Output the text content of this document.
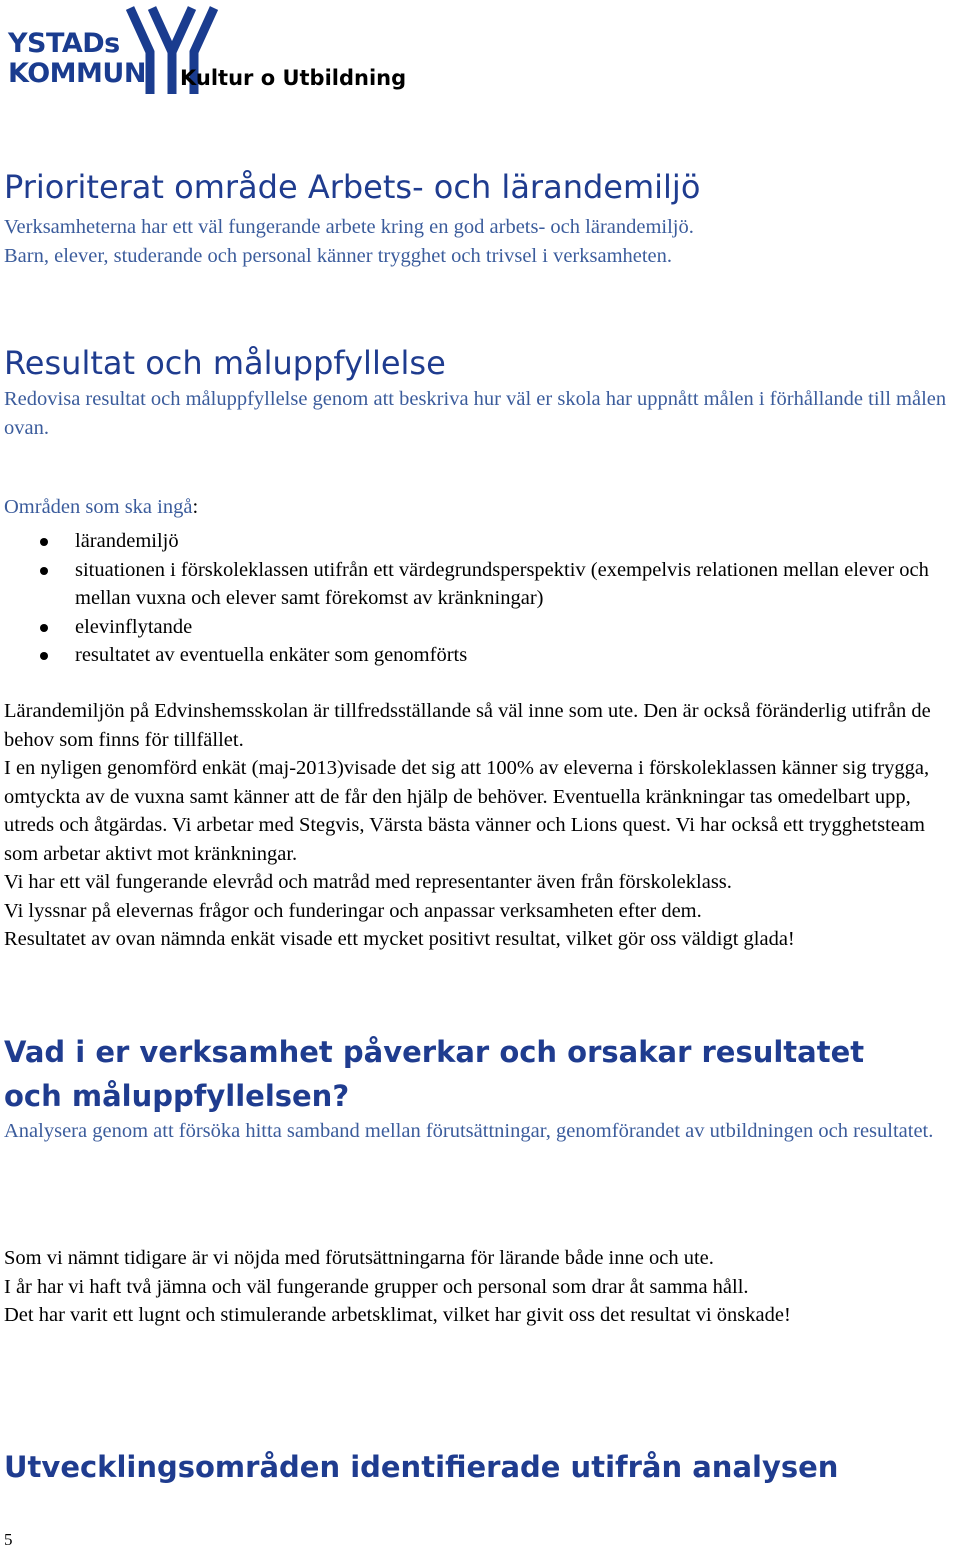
YSTADs
KOMMUN Kultur o Utbildning
Prioriterat område Arbets- och lärandemiljö
Verksamheterna har ett väl fungerande arbete kring en god arbets- och lärandemiljö.
Barn, elever, studerande och personal känner trygghet och trivsel i verksamheten.
Resultat och måluppfyllelse

Redovisa resultat och måluppfyllelse genom att beskriva hur väl er skola har uppnått målen i förhållande till målen ovan.

Områden som ska ingå:

lärandemiljö
situationen i förskoleklassen utifrån ett värdegrundsperspektiv (exempelvis relationen mellan elever och mellan vuxna och elever samt förekomst av kränkningar)
elevinflytande
resultatet av eventuella enkäter som genomförts

Lärandemiljön på Edvinshemsskolan är tillfredsställande så väl inne som ute. Den är också föränderlig utifrån de behov som finns för tillfället.

I en nyligen genomförd enkät (maj-2013)visade det sig att 100% av eleverna i förskoleklassen känner sig trygga, omtyckta av de vuxna samt känner att de får den hjälp de behöver. Eventuella kränkningar tas omedelbart upp, utreds och åtgärdas. Vi arbetar med Stegvis, Värsta bästa vänner och Lions quest. Vi har också ett trygghetsteam som arbetar aktivt mot kränkningar.

Vi har ett väl fungerande elevråd och matråd med representanter även från förskoleklass.

Vi lyssnar på elevernas frågor och funderingar och anpassar verksamheten efter dem.

Resultatet av ovan nämnda enkät visade ett mycket positivt resultat, vilket gör oss väldigt glada!

Vad i er verksamhet påverkar och orsakar resultatet och måluppfyllelsen?

Analysera genom att försöka hitta samband mellan förutsättningar, genomförandet av utbildningen och resultatet.

Som vi nämnt tidigare är vi nöjda med förutsättningarna för lärande både inne och ute.

I år har vi haft två jämna och väl fungerande grupper och personal som drar åt samma håll.

Det har varit ett lugnt och stimulerande arbetsklimat, vilket har givit oss det resultat vi önskade!

Utvecklingsområden identifierade utifrån analysen
5
